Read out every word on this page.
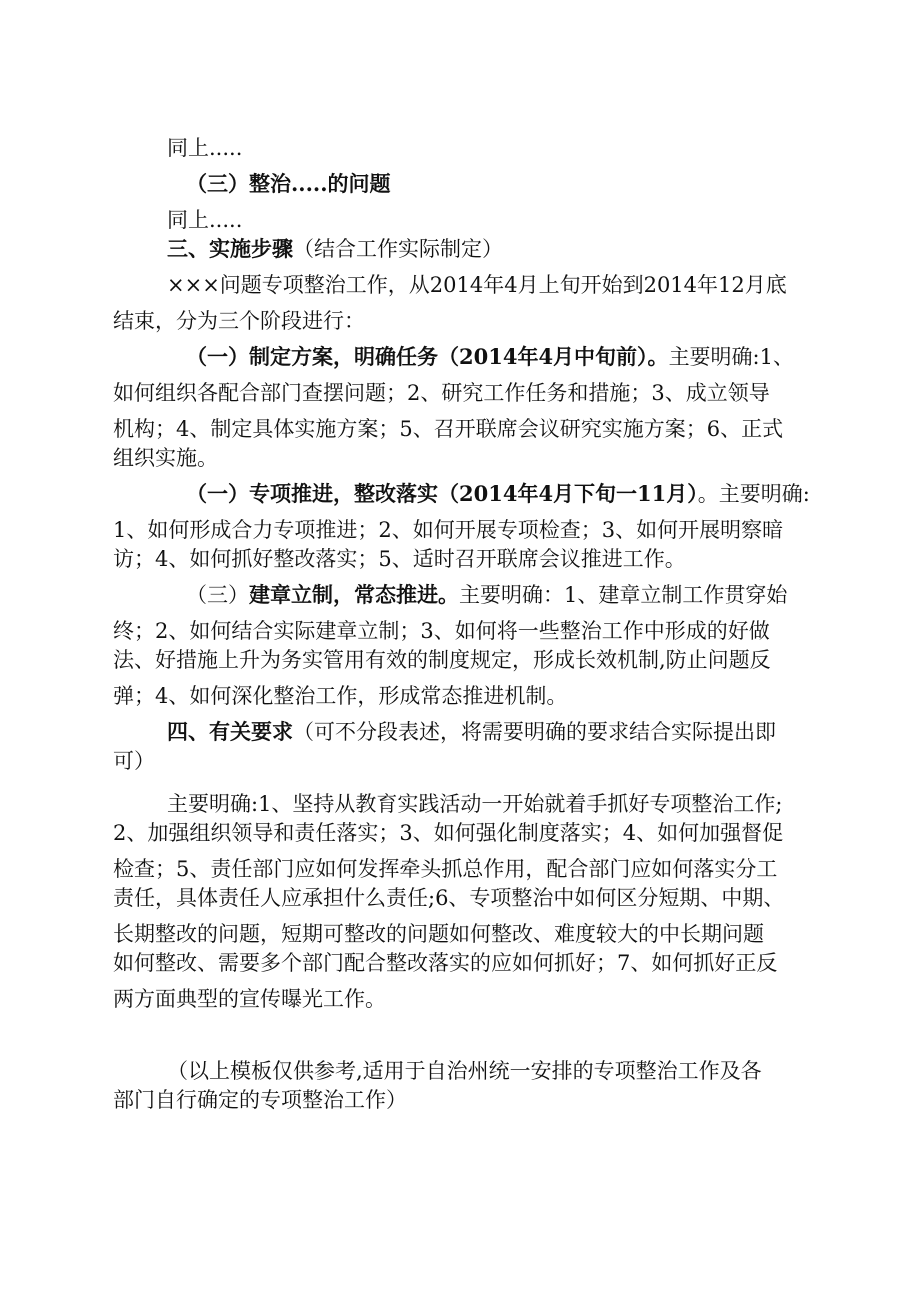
同上.....
（三）整治.....的问题
同上.....
三、实施步骤（结合工作实际制定）
×××问题专项整治工作，从2014年4月上旬开始到2014年12月底
结束，分为三个阶段进行：
（一）制定方案，明确任务（2014年4月中旬前）。主要明确:1、
如何组织各配合部门查摆问题；2、研究工作任务和措施；3、成立领导
机构；4、制定具体实施方案；5、召开联席会议研究实施方案；6、正式
组织实施。
（一）专项推进，整改落实（2014年4月下旬一11月）。主要明确:
1、如何形成合力专项推进；2、如何开展专项检查；3、如何开展明察暗
访；4、如何抓好整改落实；5、适时召开联席会议推进工作。
（三）建章立制，常态推进。主要明确：1、建章立制工作贯穿始
终；2、如何结合实际建章立制；3、如何将一些整治工作中形成的好做
法、好措施上升为务实管用有效的制度规定，形成长效机制,防止问题反
弹；4、如何深化整治工作，形成常态推进机制。
四、有关要求（可不分段表述，将需要明确的要求结合实际提出即
可）
主要明确:1、坚持从教育实践活动一开始就着手抓好专项整治工作;
2、加强组织领导和责任落实；3、如何强化制度落实；4、如何加强督促
检查；5、责任部门应如何发挥牵头抓总作用，配合部门应如何落实分工
责任，具体责任人应承担什么责任;6、专项整治中如何区分短期、中期、
长期整改的问题，短期可整改的问题如何整改、难度较大的中长期问题
如何整改、需要多个部门配合整改落实的应如何抓好；7、如何抓好正反
两方面典型的宣传曝光工作。
（以上模板仅供参考,适用于自治州统一安排的专项整治工作及各
部门自行确定的专项整治工作）
